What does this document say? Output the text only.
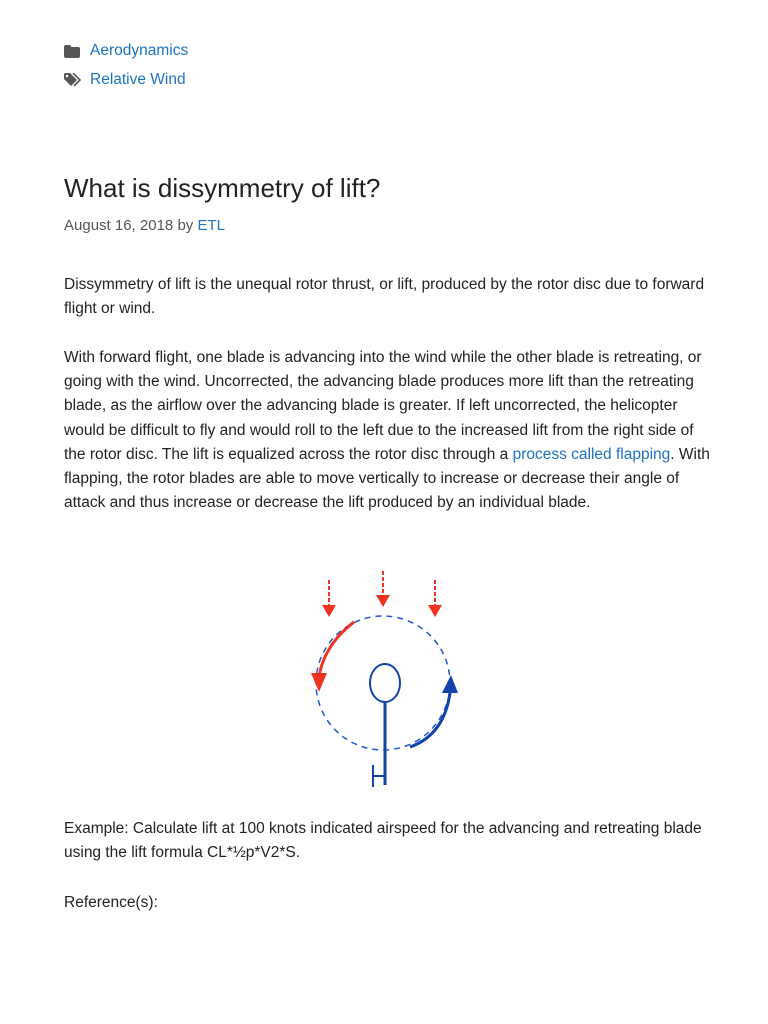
Aerodynamics
Relative Wind
What is dissymmetry of lift?
August 16, 2018 by ETL

Dissymmetry of lift is the unequal rotor thrust, or lift, produced by the rotor disc due to forward flight or wind.

With forward flight, one blade is advancing into the wind while the other blade is retreating, or going with the wind. Uncorrected, the advancing blade produces more lift than the retreating blade, as the airflow over the advancing blade is greater. If left uncorrected, the helicopter would be difficult to fly and would roll to the left due to the increased lift from the right side of the rotor disc. The lift is equalized across the rotor disc through a process called flapping. With flapping, the rotor blades are able to move vertically to increase or decrease their angle of attack and thus increase or decrease the lift produced by an individual blade.

Example: Calculate lift at 100 knots indicated airspeed for the advancing and retreating blade using the lift formula CL*½p*V2*S.

Reference(s):
